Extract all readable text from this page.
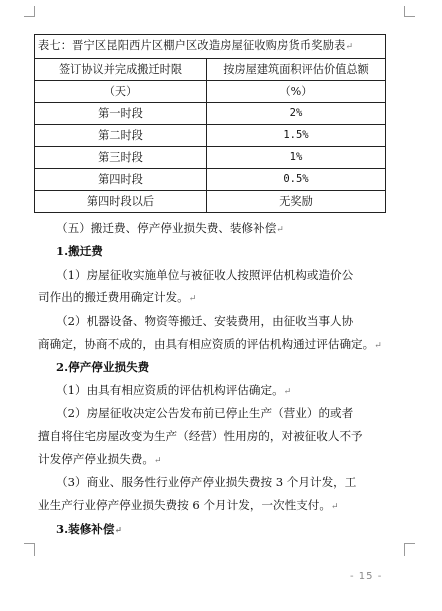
表七：晋宁区昆阳西片区棚户区改造房屋征收购房货币奖励表↵	
签订协议并完成搬迁时限	按房屋建筑面积评估价值总额
（天）	（%）
第一时段	2%
第二时段	1.5%
第三时段	1%
第四时段	0.5%
第四时段以后	无奖励
（五）搬迁费、停产停业损失费、装修补偿↵
1.搬迁费
（1）房屋征收实施单位与被征收人按照评估机构或造价公
司作出的搬迁费用确定计发。↵
（2）机器设备、物资等搬迁、安装费用，由征收当事人协
商确定，协商不成的，由具有相应资质的评估机构通过评估确定。↵
2.停产停业损失费
（1）由具有相应资质的评估机构评估确定。↵
（2）房屋征收决定公告发布前已停止生产（营业）的或者
擅自将住宅房屋改变为生产（经营）性用房的，对被征收人不予
计发停产停业损失费。↵
（3）商业、服务性行业停产停业损失费按 3 个月计发，工
业生产行业停产停业损失费按 6 个月计发，一次性支付。↵
3.装修补偿↵
- 15 -
